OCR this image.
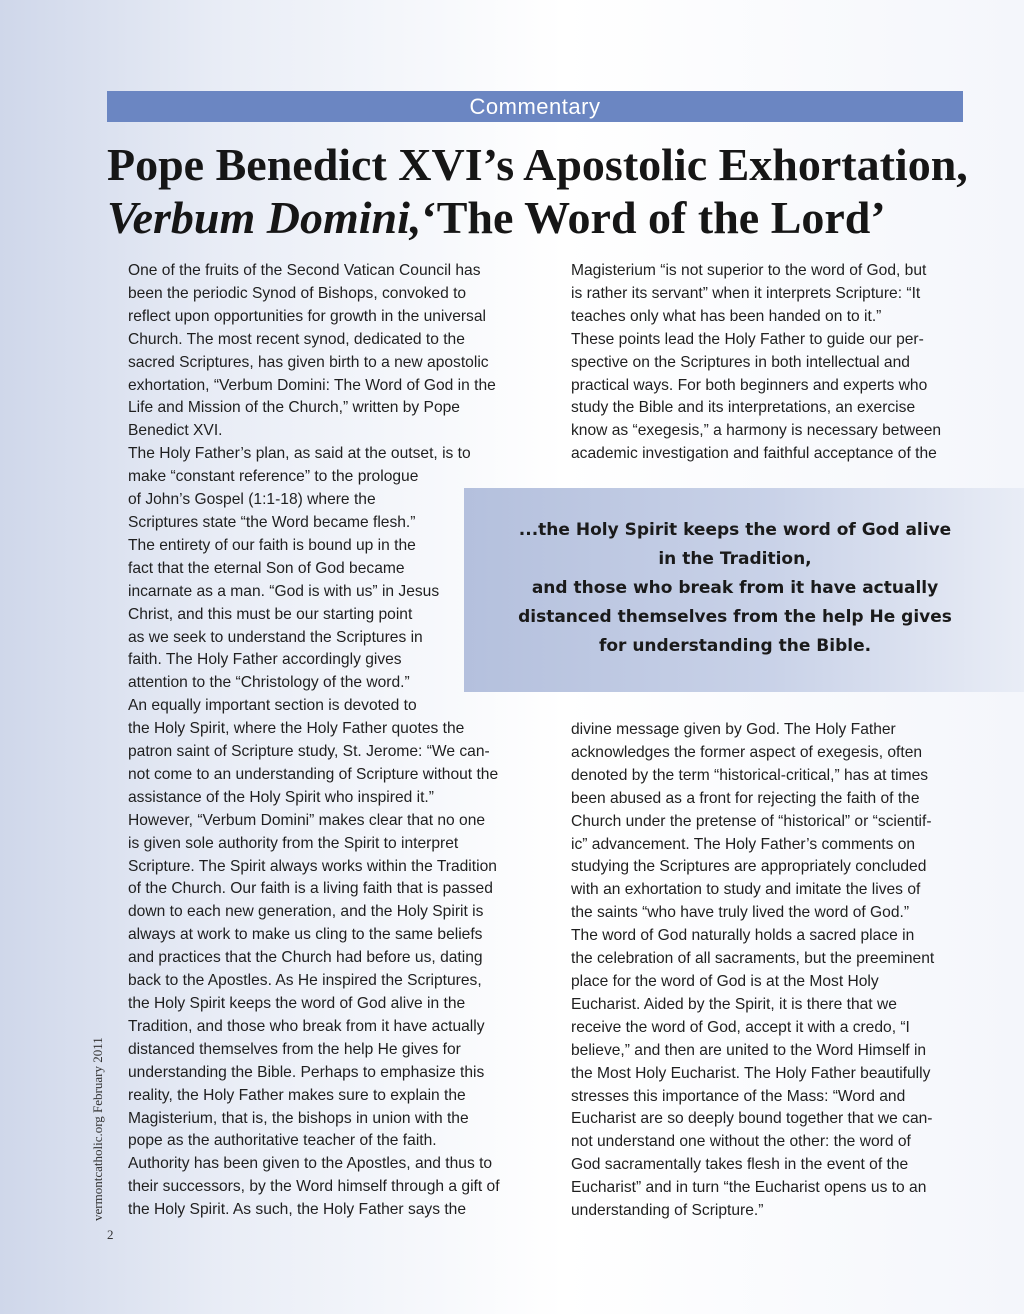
Commentary
Pope Benedict XVI’s Apostolic Exhortation,
Verbum Domini,‘The Word of the Lord’

One of the fruits of the Second Vatican Council has
been the periodic Synod of Bishops, convoked to
reflect upon opportunities for growth in the universal
Church. The most recent synod, dedicated to the
sacred Scriptures, has given birth to a new apostolic
exhortation, “Verbum Domini: The Word of God in the
Life and Mission of the Church,” written by Pope
Benedict XVI.

The Holy Father’s plan, as said at the outset, is to
make “constant reference” to the prologue
of John’s Gospel (1:1-18) where the
Scriptures state “the Word became flesh.”
The entirety of our faith is bound up in the
fact that the eternal Son of God became
incarnate as a man. “God is with us” in Jesus
Christ, and this must be our starting point
as we seek to understand the Scriptures in
faith. The Holy Father accordingly gives
attention to the “Christology of the word.”
An equally important section is devoted to
the Holy Spirit, where the Holy Father quotes the
patron saint of Scripture study, St. Jerome: “We can-
not come to an understanding of Scripture without the
assistance of the Holy Spirit who inspired it.”

However, “Verbum Domini” makes clear that no one
is given sole authority from the Spirit to interpret
Scripture. The Spirit always works within the Tradition
of the Church. Our faith is a living faith that is passed
down to each new generation, and the Holy Spirit is
always at work to make us cling to the same beliefs
and practices that the Church had before us, dating
back to the Apostles. As He inspired the Scriptures,
the Holy Spirit keeps the word of God alive in the
Tradition, and those who break from it have actually
distanced themselves from the help He gives for
understanding the Bible. Perhaps to emphasize this
reality, the Holy Father makes sure to explain the
Magisterium, that is, the bishops in union with the
pope as the authoritative teacher of the faith.
Authority has been given to the Apostles, and thus to
their successors, by the Word himself through a gift of
the Holy Spirit. As such, the Holy Father says the

Magisterium “is not superior to the word of God, but
is rather its servant” when it interprets Scripture: “It
teaches only what has been handed on to it.”

These points lead the Holy Father to guide our per-
spective on the Scriptures in both intellectual and
practical ways. For both beginners and experts who
study the Bible and its interpretations, an exercise
know as “exegesis,” a harmony is necessary between
academic investigation and faithful acceptance of the

...the Holy Spirit keeps the word of God alive
in the Tradition,
and those who break from it have actually
distanced themselves from the help He gives
for understanding the Bible.

divine message given by God. The Holy Father
acknowledges the former aspect of exegesis, often
denoted by the term “historical-critical,” has at times
been abused as a front for rejecting the faith of the
Church under the pretense of “historical” or “scientif-
ic” advancement. The Holy Father’s comments on
studying the Scriptures are appropriately concluded
with an exhortation to study and imitate the lives of
the saints “who have truly lived the word of God.”

The word of God naturally holds a sacred place in
the celebration of all sacraments, but the preeminent
place for the word of God is at the Most Holy
Eucharist. Aided by the Spirit, it is there that we
receive the word of God, accept it with a credo, “I
believe,” and then are united to the Word Himself in
the Most Holy Eucharist. The Holy Father beautifully
stresses this importance of the Mass: “Word and
Eucharist are so deeply bound together that we can-
not understand one without the other: the word of
God sacramentally takes flesh in the event of the
Eucharist” and in turn “the Eucharist opens us to an
understanding of Scripture.”

vermontcatholic.org February 2011
2
